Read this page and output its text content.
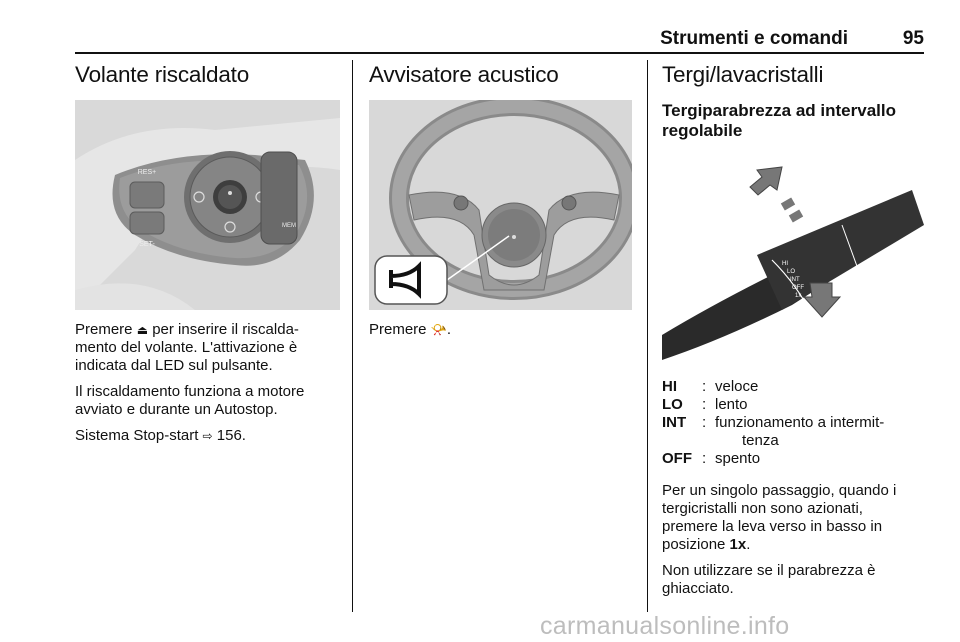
Strumenti e comandi	95
Volante riscaldato
RES+
SET-
MEM

Premere ⏏ per inserire il riscalda-
mento del volante. L'attivazione è
indicata dal LED sul pulsante.

Il riscaldamento funziona a motore
avviato e durante un Autostop.

Sistema Stop-start ⇨ 156.

Avvisatore acustico

Premere 📯.

Tergi/lavacristalli
Tergiparabrezza ad intervallo
regolabile
HI
LO
INT
OFF
1x
HI	:	veloce
LO	:	lento
INT	:	funzionamento a intermit-
tenza
OFF	:	spento

Per un singolo passaggio, quando i
tergicristalli non sono azionati,
premere la leva verso in basso in
posizione 1x.

Non utilizzare se il parabrezza è
ghiacciato.

carmanualsonline.info
